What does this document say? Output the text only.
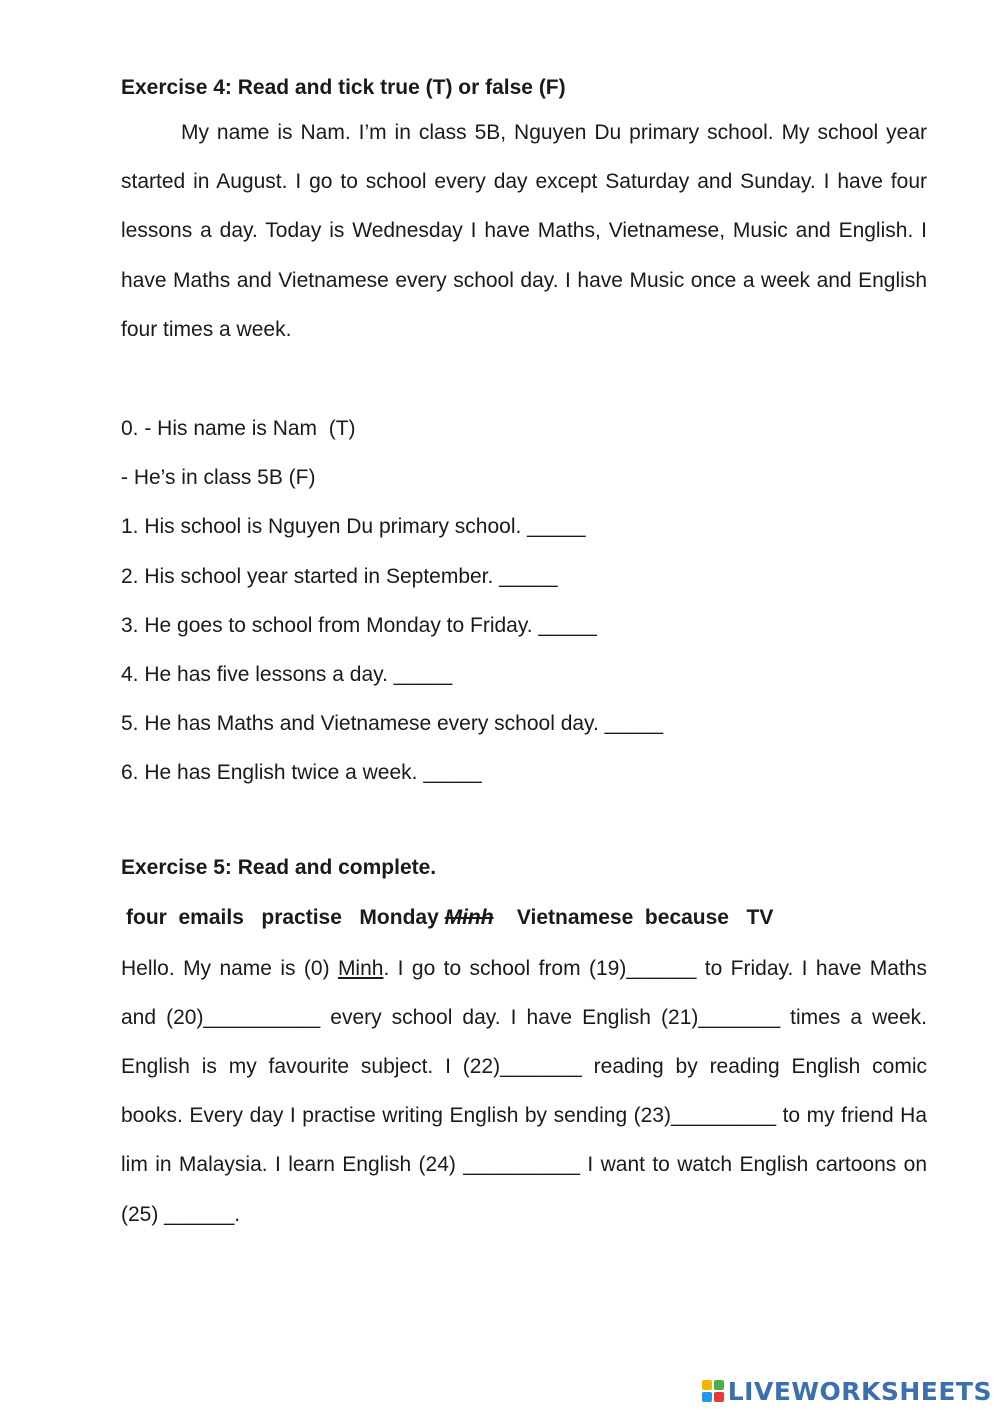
Exercise 4: Read and tick true (T) or false (F)

My name is Nam. I’m in class 5B, Nguyen Du primary school. My school year started in August. I go to school every day except Saturday and Sunday. I have four lessons a day. Today is Wednesday I have Maths, Vietnamese, Music and English. I have Maths and Vietnamese every school day. I have Music once a week and English four times a week.

0. - His name is Nam  (T)

- He’s in class 5B (F)

1. His school is Nguyen Du primary school. _____

2. His school year started in September. _____

3. He goes to school from Monday to Friday. _____

4. He has five lessons a day. _____

5. He has Maths and Vietnamese every school day. _____

6. He has English twice a week. _____

Exercise 5: Read and complete.

four  emails   practise   Monday Minh    Vietnamese  because   TV

Hello. My name is (0) Minh. I go to school from (19)______ to Friday. I have Maths and (20)__________ every school day. I have English (21)_______ times a week. English is my favourite subject. I (22)_______ reading by reading English comic books. Every day I practise writing English by sending (23)_________ to my friend Ha lim in Malaysia. I learn English (24) __________ I want to watch English cartoons on (25) ______.

LIVEWORKSHEETS
